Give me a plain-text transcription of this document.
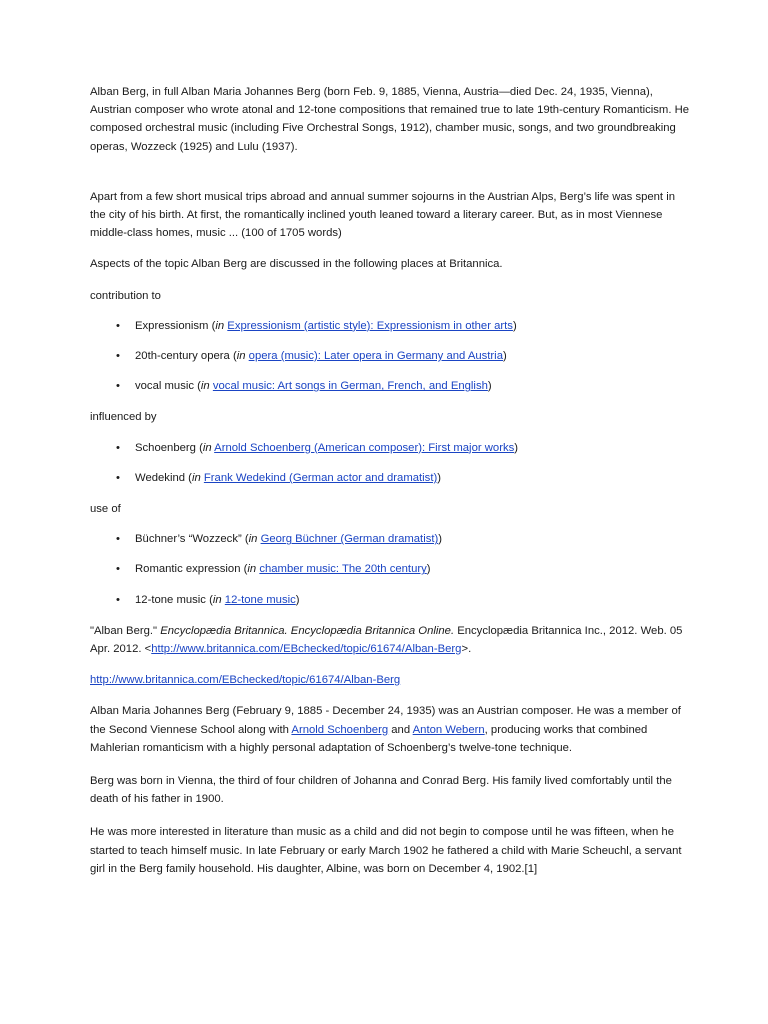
Alban Berg, in full Alban Maria Johannes Berg (born Feb. 9, 1885, Vienna, Austria—died Dec. 24, 1935, Vienna), Austrian composer who wrote atonal and 12-tone compositions that remained true to late 19th-century Romanticism. He composed orchestral music (including Five Orchestral Songs, 1912), chamber music, songs, and two groundbreaking operas, Wozzeck (1925) and Lulu (1937).

Apart from a few short musical trips abroad and annual summer sojourns in the Austrian Alps, Berg’s life was spent in the city of his birth. At first, the romantically inclined youth leaned toward a literary career. But, as in most Viennese middle-class homes, music ... (100 of 1705 words)

Aspects of the topic Alban Berg are discussed in the following places at Britannica.

contribution to

• Expressionism (in Expressionism (artistic style): Expressionism in other arts)
• 20th-century opera (in opera (music): Later opera in Germany and Austria)
• vocal music (in vocal music: Art songs in German, French, and English)

influenced by

• Schoenberg (in Arnold Schoenberg (American composer): First major works)
• Wedekind (in Frank Wedekind (German actor and dramatist))

use of

• Büchner’s “Wozzeck” (in Georg Büchner (German dramatist))
• Romantic expression (in chamber music: The 20th century)
• 12-tone music (in 12-tone music)

"Alban Berg." Encyclopædia Britannica. Encyclopædia Britannica Online. Encyclopædia Britannica Inc., 2012. Web. 05 Apr. 2012. <http://www.britannica.com/EBchecked/topic/61674/Alban-Berg>.

http://www.britannica.com/EBchecked/topic/61674/Alban-Berg

Alban Maria Johannes Berg (February 9, 1885 - December 24, 1935) was an Austrian composer. He was a member of the Second Viennese School along with Arnold Schoenberg and Anton Webern, producing works that combined Mahlerian romanticism with a highly personal adaptation of Schoenberg’s twelve-tone technique.

Berg was born in Vienna, the third of four children of Johanna and Conrad Berg. His family lived comfortably until the death of his father in 1900.

He was more interested in literature than music as a child and did not begin to compose until he was fifteen, when he started to teach himself music. In late February or early March 1902 he fathered a child with Marie Scheuchl, a servant girl in the Berg family household. His daughter, Albine, was born on December 4, 1902.[1]
